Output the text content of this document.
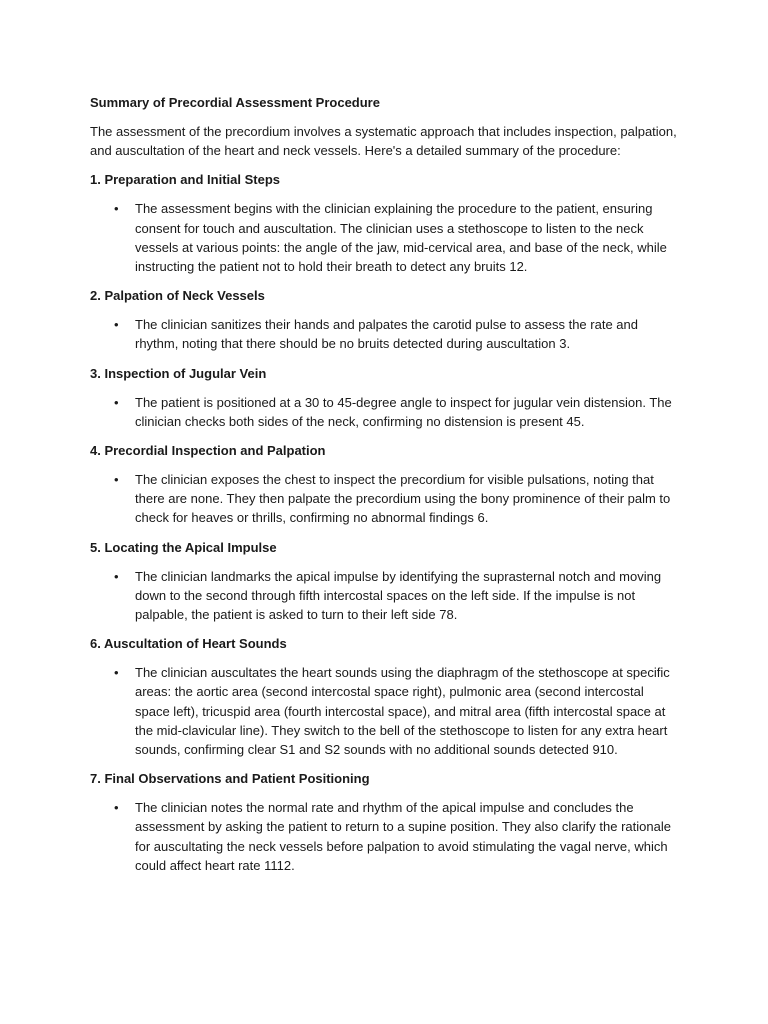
Summary of Precordial Assessment Procedure
The assessment of the precordium involves a systematic approach that includes inspection, palpation, and auscultation of the heart and neck vessels. Here's a detailed summary of the procedure:
1. Preparation and Initial Steps
• The assessment begins with the clinician explaining the procedure to the patient, ensuring consent for touch and auscultation. The clinician uses a stethoscope to listen to the neck vessels at various points: the angle of the jaw, mid-cervical area, and base of the neck, while instructing the patient not to hold their breath to detect any bruits 12.
2. Palpation of Neck Vessels
• The clinician sanitizes their hands and palpates the carotid pulse to assess the rate and rhythm, noting that there should be no bruits detected during auscultation 3.
3. Inspection of Jugular Vein
• The patient is positioned at a 30 to 45-degree angle to inspect for jugular vein distension. The clinician checks both sides of the neck, confirming no distension is present 45.
4. Precordial Inspection and Palpation
• The clinician exposes the chest to inspect the precordium for visible pulsations, noting that there are none. They then palpate the precordium using the bony prominence of their palm to check for heaves or thrills, confirming no abnormal findings 6.
5. Locating the Apical Impulse
• The clinician landmarks the apical impulse by identifying the suprasternal notch and moving down to the second through fifth intercostal spaces on the left side. If the impulse is not palpable, the patient is asked to turn to their left side 78.
6. Auscultation of Heart Sounds
• The clinician auscultates the heart sounds using the diaphragm of the stethoscope at specific areas: the aortic area (second intercostal space right), pulmonic area (second intercostal space left), tricuspid area (fourth intercostal space), and mitral area (fifth intercostal space at the mid-clavicular line). They switch to the bell of the stethoscope to listen for any extra heart sounds, confirming clear S1 and S2 sounds with no additional sounds detected 910.
7. Final Observations and Patient Positioning
• The clinician notes the normal rate and rhythm of the apical impulse and concludes the assessment by asking the patient to return to a supine position. They also clarify the rationale for auscultating the neck vessels before palpation to avoid stimulating the vagal nerve, which could affect heart rate 1112.
